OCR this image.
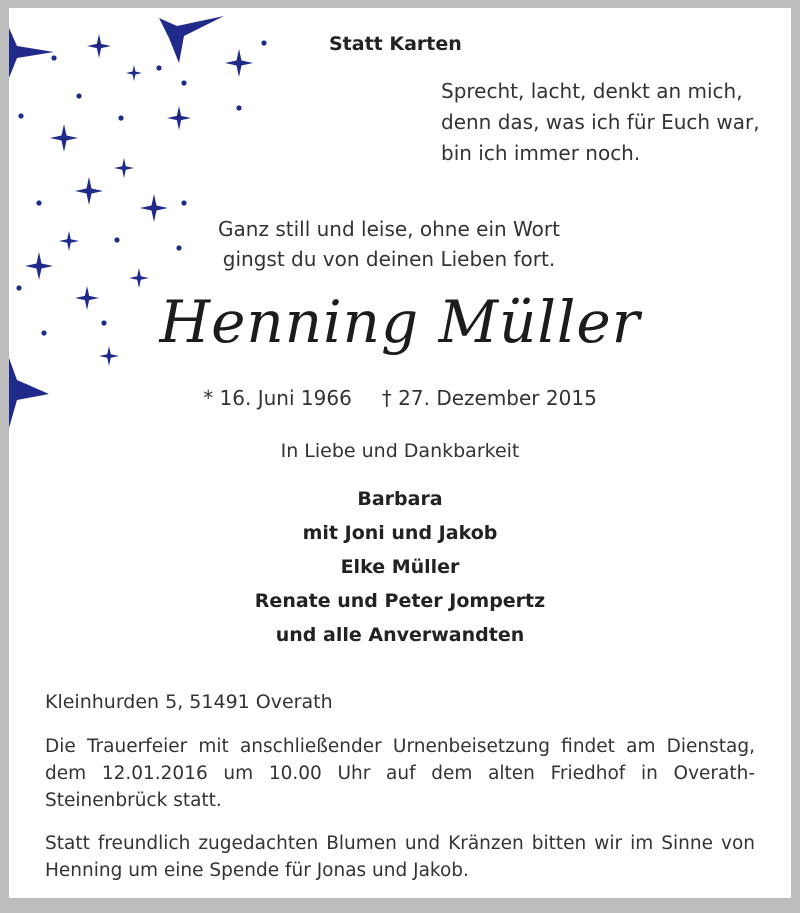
Statt Karten
Sprecht, lacht, denkt an mich,
denn das, was ich für Euch war,
bin ich immer noch.
Ganz still und leise, ohne ein Wort
gingst du von deinen Lieben fort.
Henning Müller
* 16. Juni 1966 † 27. Dezember 2015
In Liebe und Dankbarkeit
Barbara
mit Joni und Jakob
Elke Müller
Renate und Peter Jompertz
und alle Anverwandten
Kleinhurden 5, 51491 Overath
Die Trauerfeier mit anschließender Urnenbeisetzung findet am Dienstag, dem 12.01.2016 um 10.00 Uhr auf dem alten Friedhof in Overath-Steinenbrück statt.
Statt freundlich zugedachten Blumen und Kränzen bitten wir im Sinne von Henning um eine Spende für Jonas und Jakob.
